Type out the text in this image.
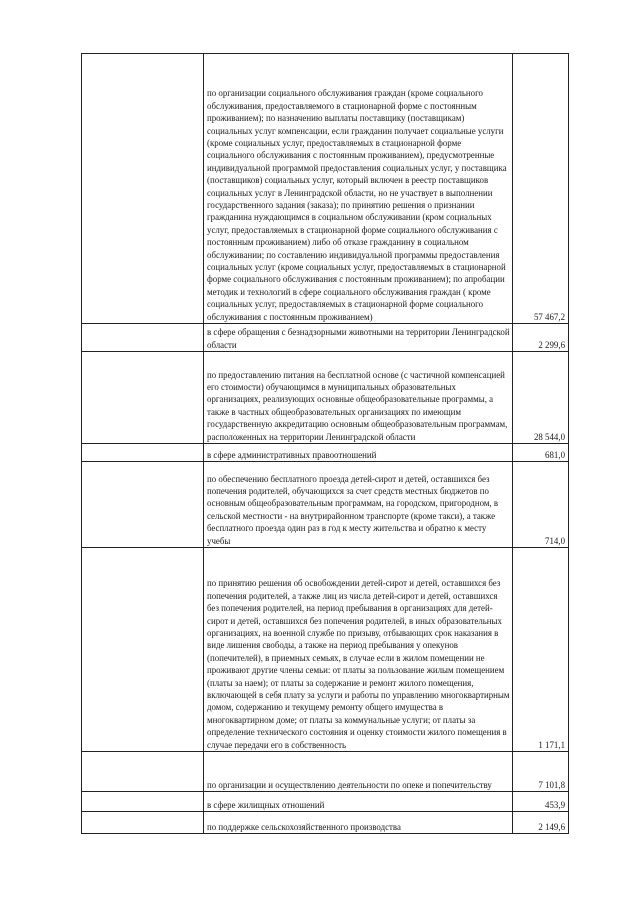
	по организации социального обслуживания граждан (кроме социального обслуживания, предоставляемого в стационарной форме с постоянным проживанием); по назначению выплаты поставщику (поставщикам) социальных услуг компенсации, если гражданин получает социальные услуги (кроме социальных услуг, предоставляемых в стационарной форме социального обслуживания с постоянным проживанием), предусмотренные индивидуальной программой предоставления социальных услуг, у поставщика (поставщиков) социальных услуг, который включен в реестр поставщиков социальных услуг в Ленинградской области, но не участвует в выполнении государственного задания (заказа); по принятию решения о признании гражданина нуждающимся в социальном обслуживании (кром социальных услуг, предоставляемых в стационарной форме социального обслуживания с постоянным проживанием) либо об отказе гражданину в социальном обслуживании; по составлению индивидуальной программы предоставления социальных услуг (кроме социальных услуг, предоставляемых в стационарной форме социального обслуживания с постоянным проживанием); по апробации методик и технологий в сфере социального обслуживания граждан ( кроме социальных услуг, предоставляемых в стационарной форме социального обслуживания с постоянным проживанием)	57 467,2
	в сфере обращения с безнадзорными животными на территории Ленинградской области	2 299,6
	по предоставлению питания на бесплатной основе (с частичной компенсацией его стоимости) обучающимся в муниципальных образовательных организациях, реализующих основные общеобразовательные программы, а также в частных общеобразовательных организациях по имеющим государственную аккредитацию основным общеобразовательным программам, расположенных на территории Ленинградской области	28 544,0
	в сфере административных правоотношений	681,0
	по обеспечению бесплатного проезда детей-сирот и детей, оставшихся без попечения родителей, обучающихся за счет средств местных бюджетов по основным общеобразовательным программам, на городском, пригородном, в сельской местности - на внутрирайонном транспорте (кроме такси), а также бесплатного проезда один раз в год к месту жительства и обратно к месту учебы	714,0
	по принятию решения об освобождении детей-сирот и детей, оставшихся без попечения родителей, а также лиц из числа детей-сирот и детей, оставшихся без попечения родителей, на период пребывания в организациях для детей-сирот и детей, оставшихся без попечения родителей, в иных образовательных организациях, на военной службе по призыву, отбывающих срок наказания в виде лишения свободы, а также на период пребывания у опекунов (попечителей), в приемных семьях, в случае если в жилом помещении не проживают другие члены семьи: от платы за пользование жилым помещением (платы за наем); от платы за содержание и ремонт жилого помещения, включающей в себя плату за услуги и работы по управлению многоквартирным домом, содержанию и текущему ремонту общего имущества в многоквартирном доме; от платы за коммунальные услуги; от платы за определение технического состояния и оценку стоимости жилого помещения в случае передачи его в собственность	1 171,1
	по организации и осуществлению деятельности по опеке и попечительству	7 101,8
	в сфере жилищных отношений	453,9
	по поддержке сельскохозяйственного производства	2 149,6
